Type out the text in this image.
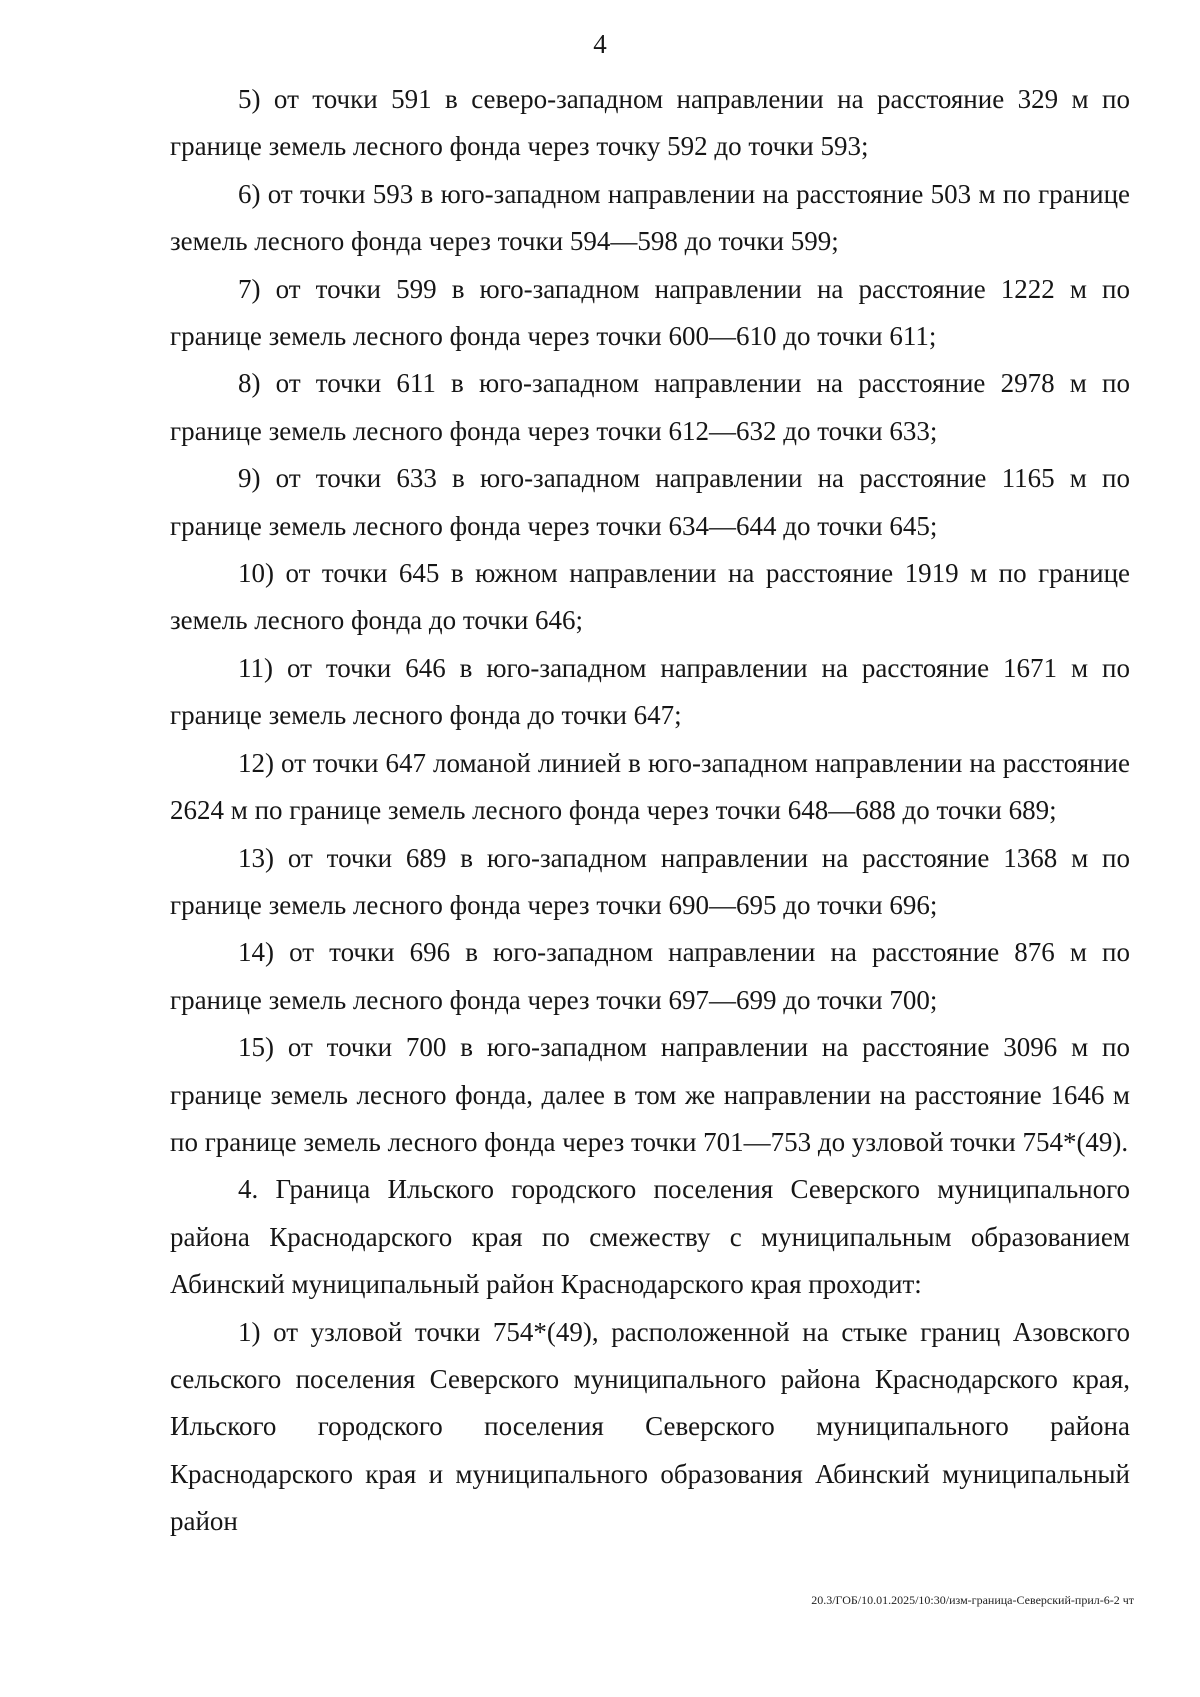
4

5) от точки 591 в северо-западном направлении на расстояние 329 м по границе земель лесного фонда через точку 592 до точки 593;

6) от точки 593 в юго-западном направлении на расстояние 503 м по границе земель лесного фонда через точки 594—598 до точки 599;

7) от точки 599 в юго-западном направлении на расстояние 1222 м по границе земель лесного фонда через точки 600—610 до точки 611;

8) от точки 611 в юго-западном направлении на расстояние 2978 м по границе земель лесного фонда через точки 612—632 до точки 633;

9) от точки 633 в юго-западном направлении на расстояние 1165 м по границе земель лесного фонда через точки 634—644 до точки 645;

10) от точки 645 в южном направлении на расстояние 1919 м по границе земель лесного фонда до точки 646;

11) от точки 646 в юго-западном направлении на расстояние 1671 м по границе земель лесного фонда до точки 647;

12) от точки 647 ломаной линией в юго-западном направлении на расстояние 2624 м по границе земель лесного фонда через точки 648—688 до точки 689;

13) от точки 689 в юго-западном направлении на расстояние 1368 м по границе земель лесного фонда через точки 690—695 до точки 696;

14) от точки 696 в юго-западном направлении на расстояние 876 м по границе земель лесного фонда через точки 697—699 до точки 700;

15) от точки 700 в юго-западном направлении на расстояние 3096 м по границе земель лесного фонда, далее в том же направлении на расстояние 1646 м по границе земель лесного фонда через точки 701—753 до узловой точки 754*(49).

4. Граница Ильского городского поселения Северского муниципального района Краснодарского края по смежеству с муниципальным образованием Абинский муниципальный район Краснодарского края проходит:

1) от узловой точки 754*(49), расположенной на стыке границ Азовского сельского поселения Северского муниципального района Краснодарского края, Ильского городского поселения Северского муниципального района Краснодарского края и муниципального образования Абинский муниципальный район

20.3/ГОБ/10.01.2025/10:30/изм-граница-Северский-прил-6-2 чт
